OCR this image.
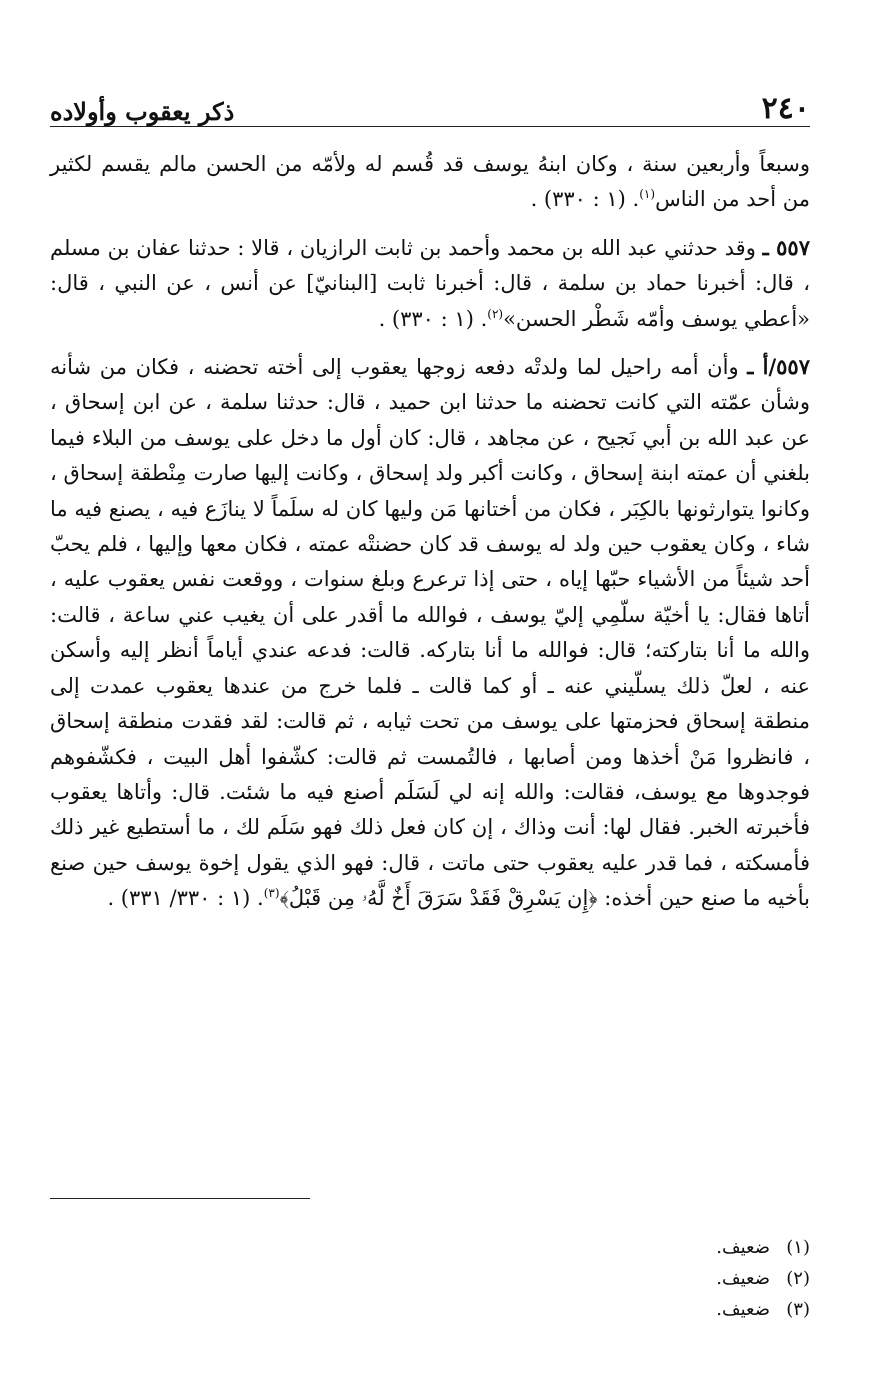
٢٤٠
ذكر يعقوب وأولاده

وسبعاً وأربعين سنة ، وكان ابنهُ يوسف قد قُسم له ولأمّه من الحسن مالم يقسم لكثير من أحد من الناس$^{(١)}$. (١ : ٣٣٠) .

٥٥٧ ـ وقد حدثني عبد الله بن محمد وأحمد بن ثابت الرازيان ، قالا : حدثنا عفان بن مسلم ، قال: أخبرنا حماد بن سلمة ، قال: أخبرنا ثابت [البنانيّ] عن أنس ، عن النبي ، قال: «أعطي يوسف وأمّه شَطْر الحسن»$^{(٢)}$. (١ : ٣٣٠) .

٥٥٧/أ ـ وأن أمه راحيل لما ولدتْه دفعه زوجها يعقوب إلى أخته تحضنه ، فكان من شأنه وشأن عمّته التي كانت تحضنه ما حدثنا ابن حميد ، قال: حدثنا سلمة ، عن ابن إسحاق ، عن عبد الله بن أبي نَجيح ، عن مجاهد ، قال: كان أول ما دخل على يوسف من البلاء فيما بلغني أن عمته ابنة إسحاق ، وكانت أكبر ولد إسحاق ، وكانت إليها صارت مِنْطقة إسحاق ، وكانوا يتوارثونها بالكِبَر ، فكان من أختانها مَن وليها كان له سلَماً لا ينازَع فيه ، يصنع فيه ما شاء ، وكان يعقوب حين ولد له يوسف قد كان حضنتْه عمته ، فكان معها وإليها ، فلم يحبّ أحد شيئاً من الأشياء حبّها إياه ، حتى إذا ترعرع وبلغ سنوات ، ووقعت نفس يعقوب عليه ، أتاها فقال: يا أخيّة سلّمِي إليّ يوسف ، فوالله ما أقدر على أن يغيب عني ساعة ، قالت: والله ما أنا بتاركته؛ قال: فوالله ما أنا بتاركه. قالت: فدعه عندي أياماً أنظر إليه وأسكن عنه ، لعلّ ذلك يسلّيني عنه ـ أو كما قالت ـ فلما خرج من عندها يعقوب عمدت إلى منطقة إسحاق فحزمتها على يوسف من تحت ثيابه ، ثم قالت: لقد فقدت منطقة إسحاق ، فانظروا مَنْ أخذها ومن أصابها ، فالتُمست ثم قالت: كشّفوا أهل البيت ، فكشّفوهم فوجدوها مع يوسف، فقالت: والله إنه لي لَسَلَم أصنع فيه ما شئت. قال: وأتاها يعقوب فأخبرته الخبر. فقال لها: أنت وذاك ، إن كان فعل ذلك فهو سَلَم لك ، ما أستطيع غير ذلك فأمسكته ، فما قدر عليه يعقوب حتى ماتت ، قال: فهو الذي يقول إخوة يوسف حين صنع بأخيه ما صنع حين أخذه: ﴿إِن يَسْرِقْ فَقَدْ سَرَقَ أَخٌ لَّهُۥ مِن قَبْلُ﴾$^{(٣)}$. (١ : ٣٣٠/ ٣٣١) .

(١)ضعيف.
(٢)ضعيف.
(٣)ضعيف.
